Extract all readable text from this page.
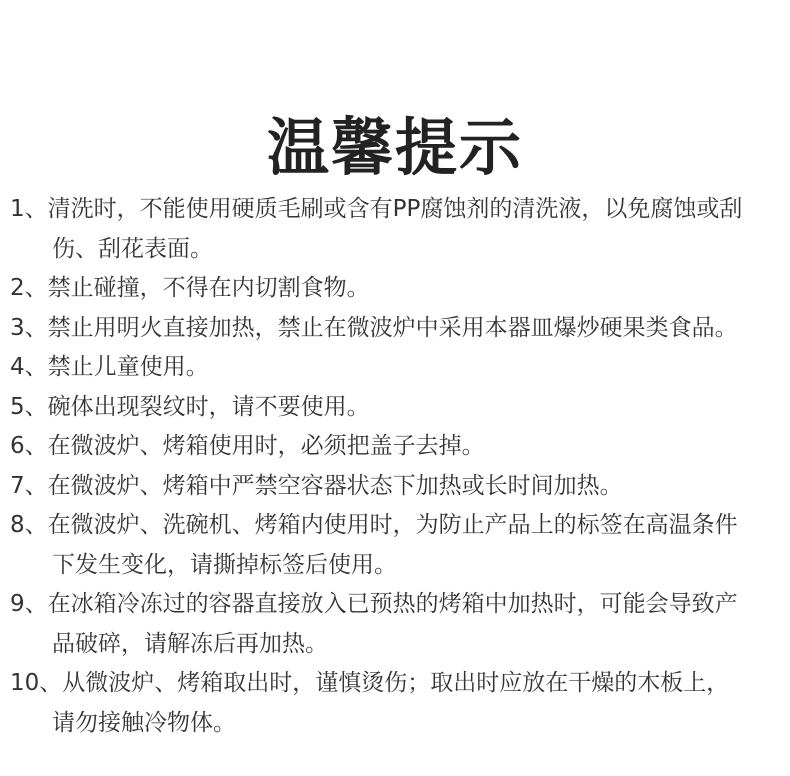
温馨提示
1、 清洗时，不能使用硬质毛刷或含有PP腐蚀剂的清洗液，以免腐蚀或刮
伤、刮花表面。
2、 禁止碰撞，不得在内切割食物。
3、 禁止用明火直接加热，禁止在微波炉中采用本器皿爆炒硬果类食品。
4、 禁止儿童使用。
5、 碗体出现裂纹时，请不要使用。
6、 在微波炉、烤箱使用时，必须把盖子去掉。
7、 在微波炉、烤箱中严禁空容器状态下加热或长时间加热。
8、 在微波炉、洗碗机、烤箱内使用时，为防止产品上的标签在高温条件
下发生变化，请撕掉标签后使用。
9、 在冰箱冷冻过的容器直接放入已预热的烤箱中加热时，可能会导致产
品破碎，请解冻后再加热。
10、 从微波炉、烤箱取出时，谨慎烫伤；取出时应放在干燥的木板上，
请勿接触冷物体。
